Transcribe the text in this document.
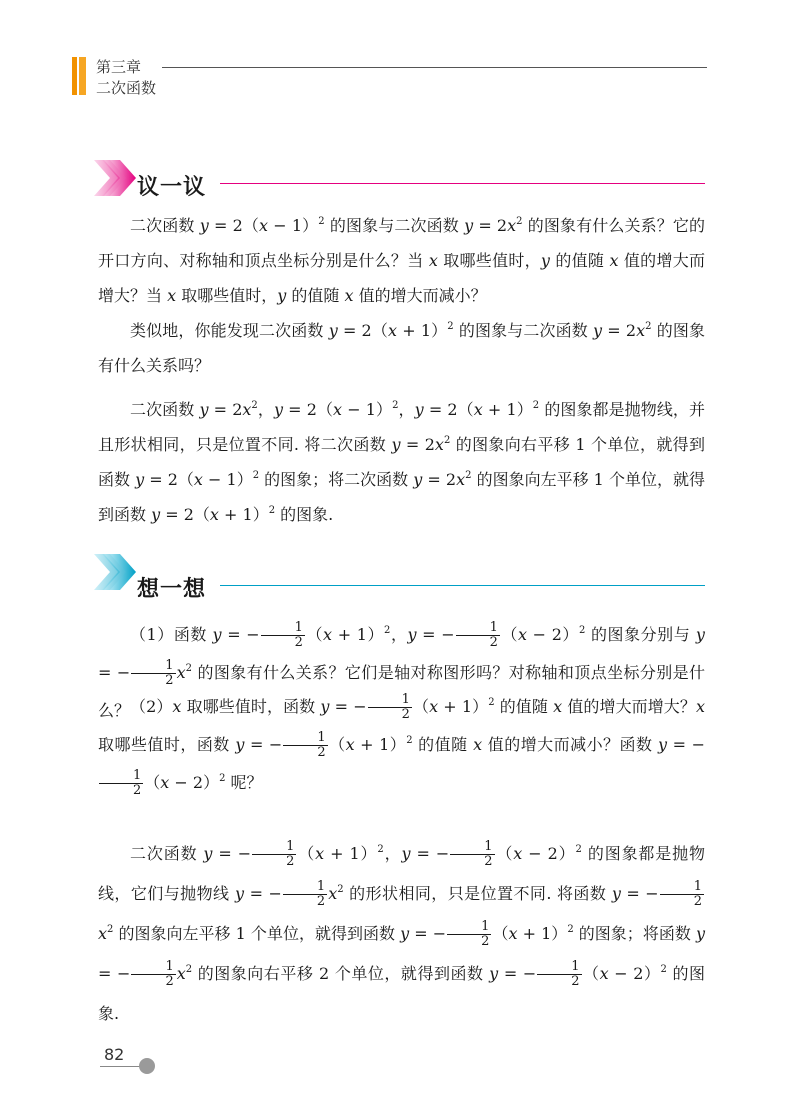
第三章
二次函数
议一议

二次函数 $y = 2(x - 1)^2$ 的图象与二次函数 $y = 2x^2$ 的图象有什么关系？它的开口方向、对称轴和顶点坐标分别是什么？当 x 取哪些值时，y 的值随 x 值的增大而增大？当 x 取哪些值时，y 的值随 x 值的增大而减小？

类似地，你能发现二次函数 $y = 2(x + 1)^2$ 的图象与二次函数 $y = 2x^2$ 的图象有什么关系吗？

二次函数 $y = 2x^2$，$y = 2(x - 1)^2$，$y = 2(x + 1)^2$ 的图象都是抛物线，并且形状相同，只是位置不同. 将二次函数 $y = 2x^2$ 的图象向右平移 1 个单位，就得到函数 $y = 2(x - 1)^2$ 的图象；将二次函数 $y = 2x^2$ 的图象向左平移 1 个单位，就得到函数 $y = 2(x + 1)^2$ 的图象.

想一想

（1）函数 y = − $\frac{1}{2} (x + 1)^2$，y = − $\frac{1}{2} (x - 2)^2$ 的图象分别与 y = − $\frac{1}{2} x^2$ 的图象有什么关系？它们是轴对称图形吗？对称轴和顶点坐标分别是什么？ （2）x 取哪些值时，函数 y = − $\frac{1}{2} (x + 1)^2$ 的值随 x 值的增大而增大？x 取哪些值时，函数 y = − $\frac{1}{2} (x + 1)^2$ 的值随 x 值的增大而减小？函数 y = −
$\frac{1}{2} (x - 2)^2$ 呢？

二次函数 y = − $\frac{1}{2} (x + 1)^2$，y = − $\frac{1}{2} (x - 2)^2$ 的图象都是抛物线，它们与抛物线 y = − $\frac{1}{2} x^2$ 的形状相同，只是位置不同. 将函数 y = − $\frac{1}{2}$
$x^2$ 的图象向左平移 1 个单位，就得到函数 y = − $\frac{1}{2} (x + 1)^2$ 的图象；将函数 y = − $\frac{1}{2} x^2$ 的图象向右平移 2 个单位，就得到函数 y = − $\frac{1}{2} (x - 2)^2$ 的图象.

82
